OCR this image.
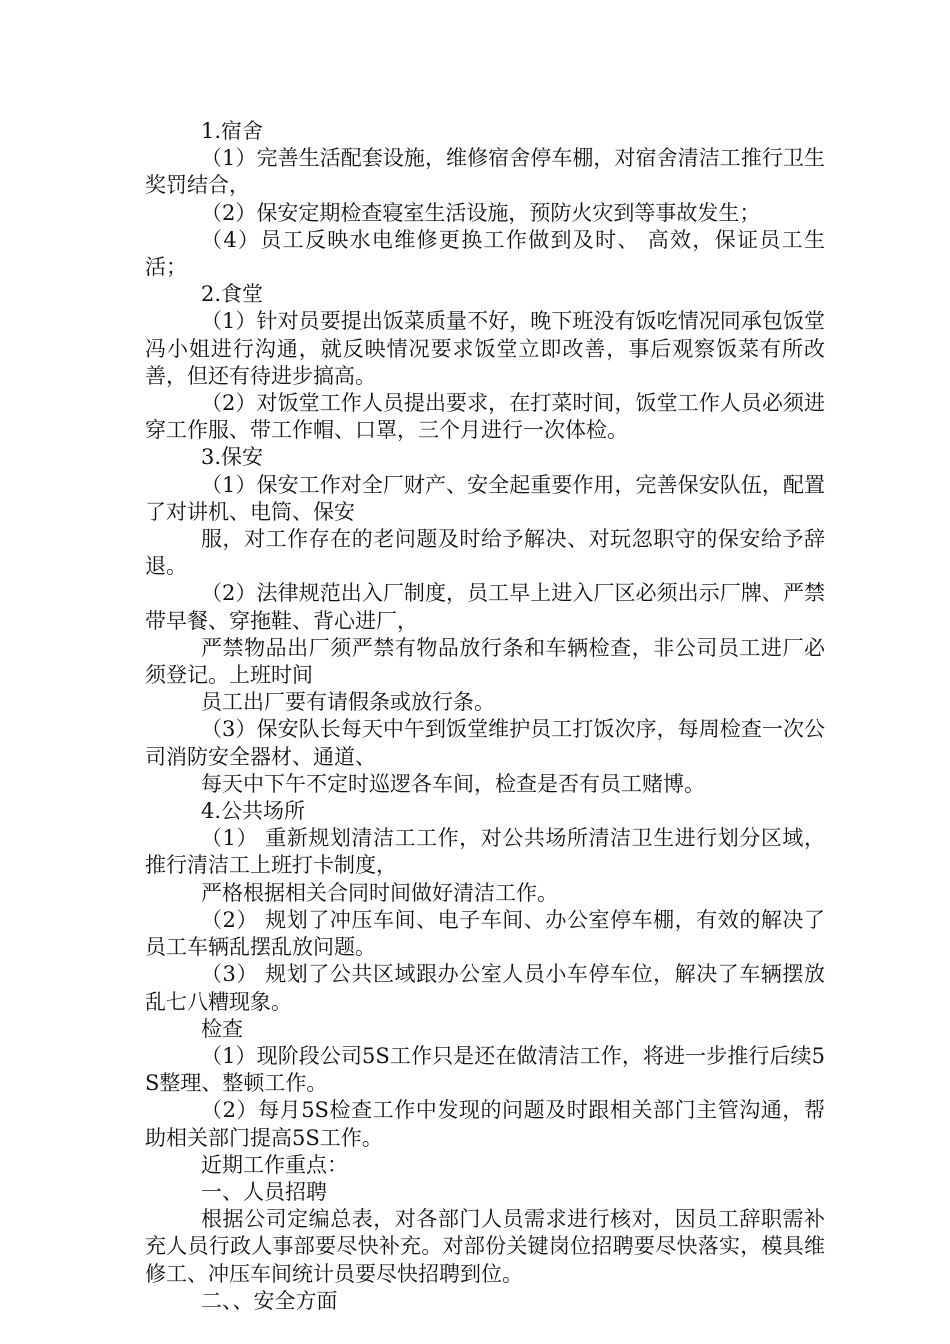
1.宿舍

（1）完善生活配套设施，维修宿舍停车棚，对宿舍清洁工推行卫生奖罚结合，

（2）保安定期检查寝室生活设施，预防火灾到等事故发生；

（4）员工反映水电维修更换工作做到及时、 高效，保证员工生活；

2.食堂

（1）针对员要提出饭菜质量不好，晚下班没有饭吃情况同承包饭堂冯小姐进行沟通，就反映情况要求饭堂立即改善，事后观察饭菜有所改善，但还有待进步搞高。

（2）对饭堂工作人员提出要求，在打菜时间，饭堂工作人员必须进穿工作服、带工作帽、口罩，三个月进行一次体检。

3.保安

（1）保安工作对全厂财产、安全起重要作用，完善保安队伍，配置了对讲机、电筒、保安

服，对工作存在的老问题及时给予解决、对玩忽职守的保安给予辞退。

（2）法律规范出入厂制度，员工早上进入厂区必须出示厂牌、严禁带早餐、穿拖鞋、背心进厂，

严禁物品出厂须严禁有物品放行条和车辆检查，非公司员工进厂必须登记。上班时间

员工出厂要有请假条或放行条。

（3）保安队长每天中午到饭堂维护员工打饭次序，每周检查一次公司消防安全器材、通道、

每天中下午不定时巡逻各车间，检查是否有员工赌博。

4.公共场所

（1） 重新规划清洁工工作，对公共场所清洁卫生进行划分区域，推行清洁工上班打卡制度，

严格根据相关合同时间做好清洁工作。

（2） 规划了冲压车间、电子车间、办公室停车棚，有效的解决了员工车辆乱摆乱放问题。

（3） 规划了公共区域跟办公室人员小车停车位，解决了车辆摆放乱七八糟现象。

检查

（1）现阶段公司5S工作只是还在做清洁工作，将进一步推行后续5S整理、整顿工作。

（2）每月5S检查工作中发现的问题及时跟相关部门主管沟通，帮助相关部门提高5S工作。

近期工作重点：

一、人员招聘

根据公司定编总表，对各部门人员需求进行核对，因员工辞职需补充人员行政人事部要尽快补充。对部份关键岗位招聘要尽快落实，模具维修工、冲压车间统计员要尽快招聘到位。

二、、安全方面
